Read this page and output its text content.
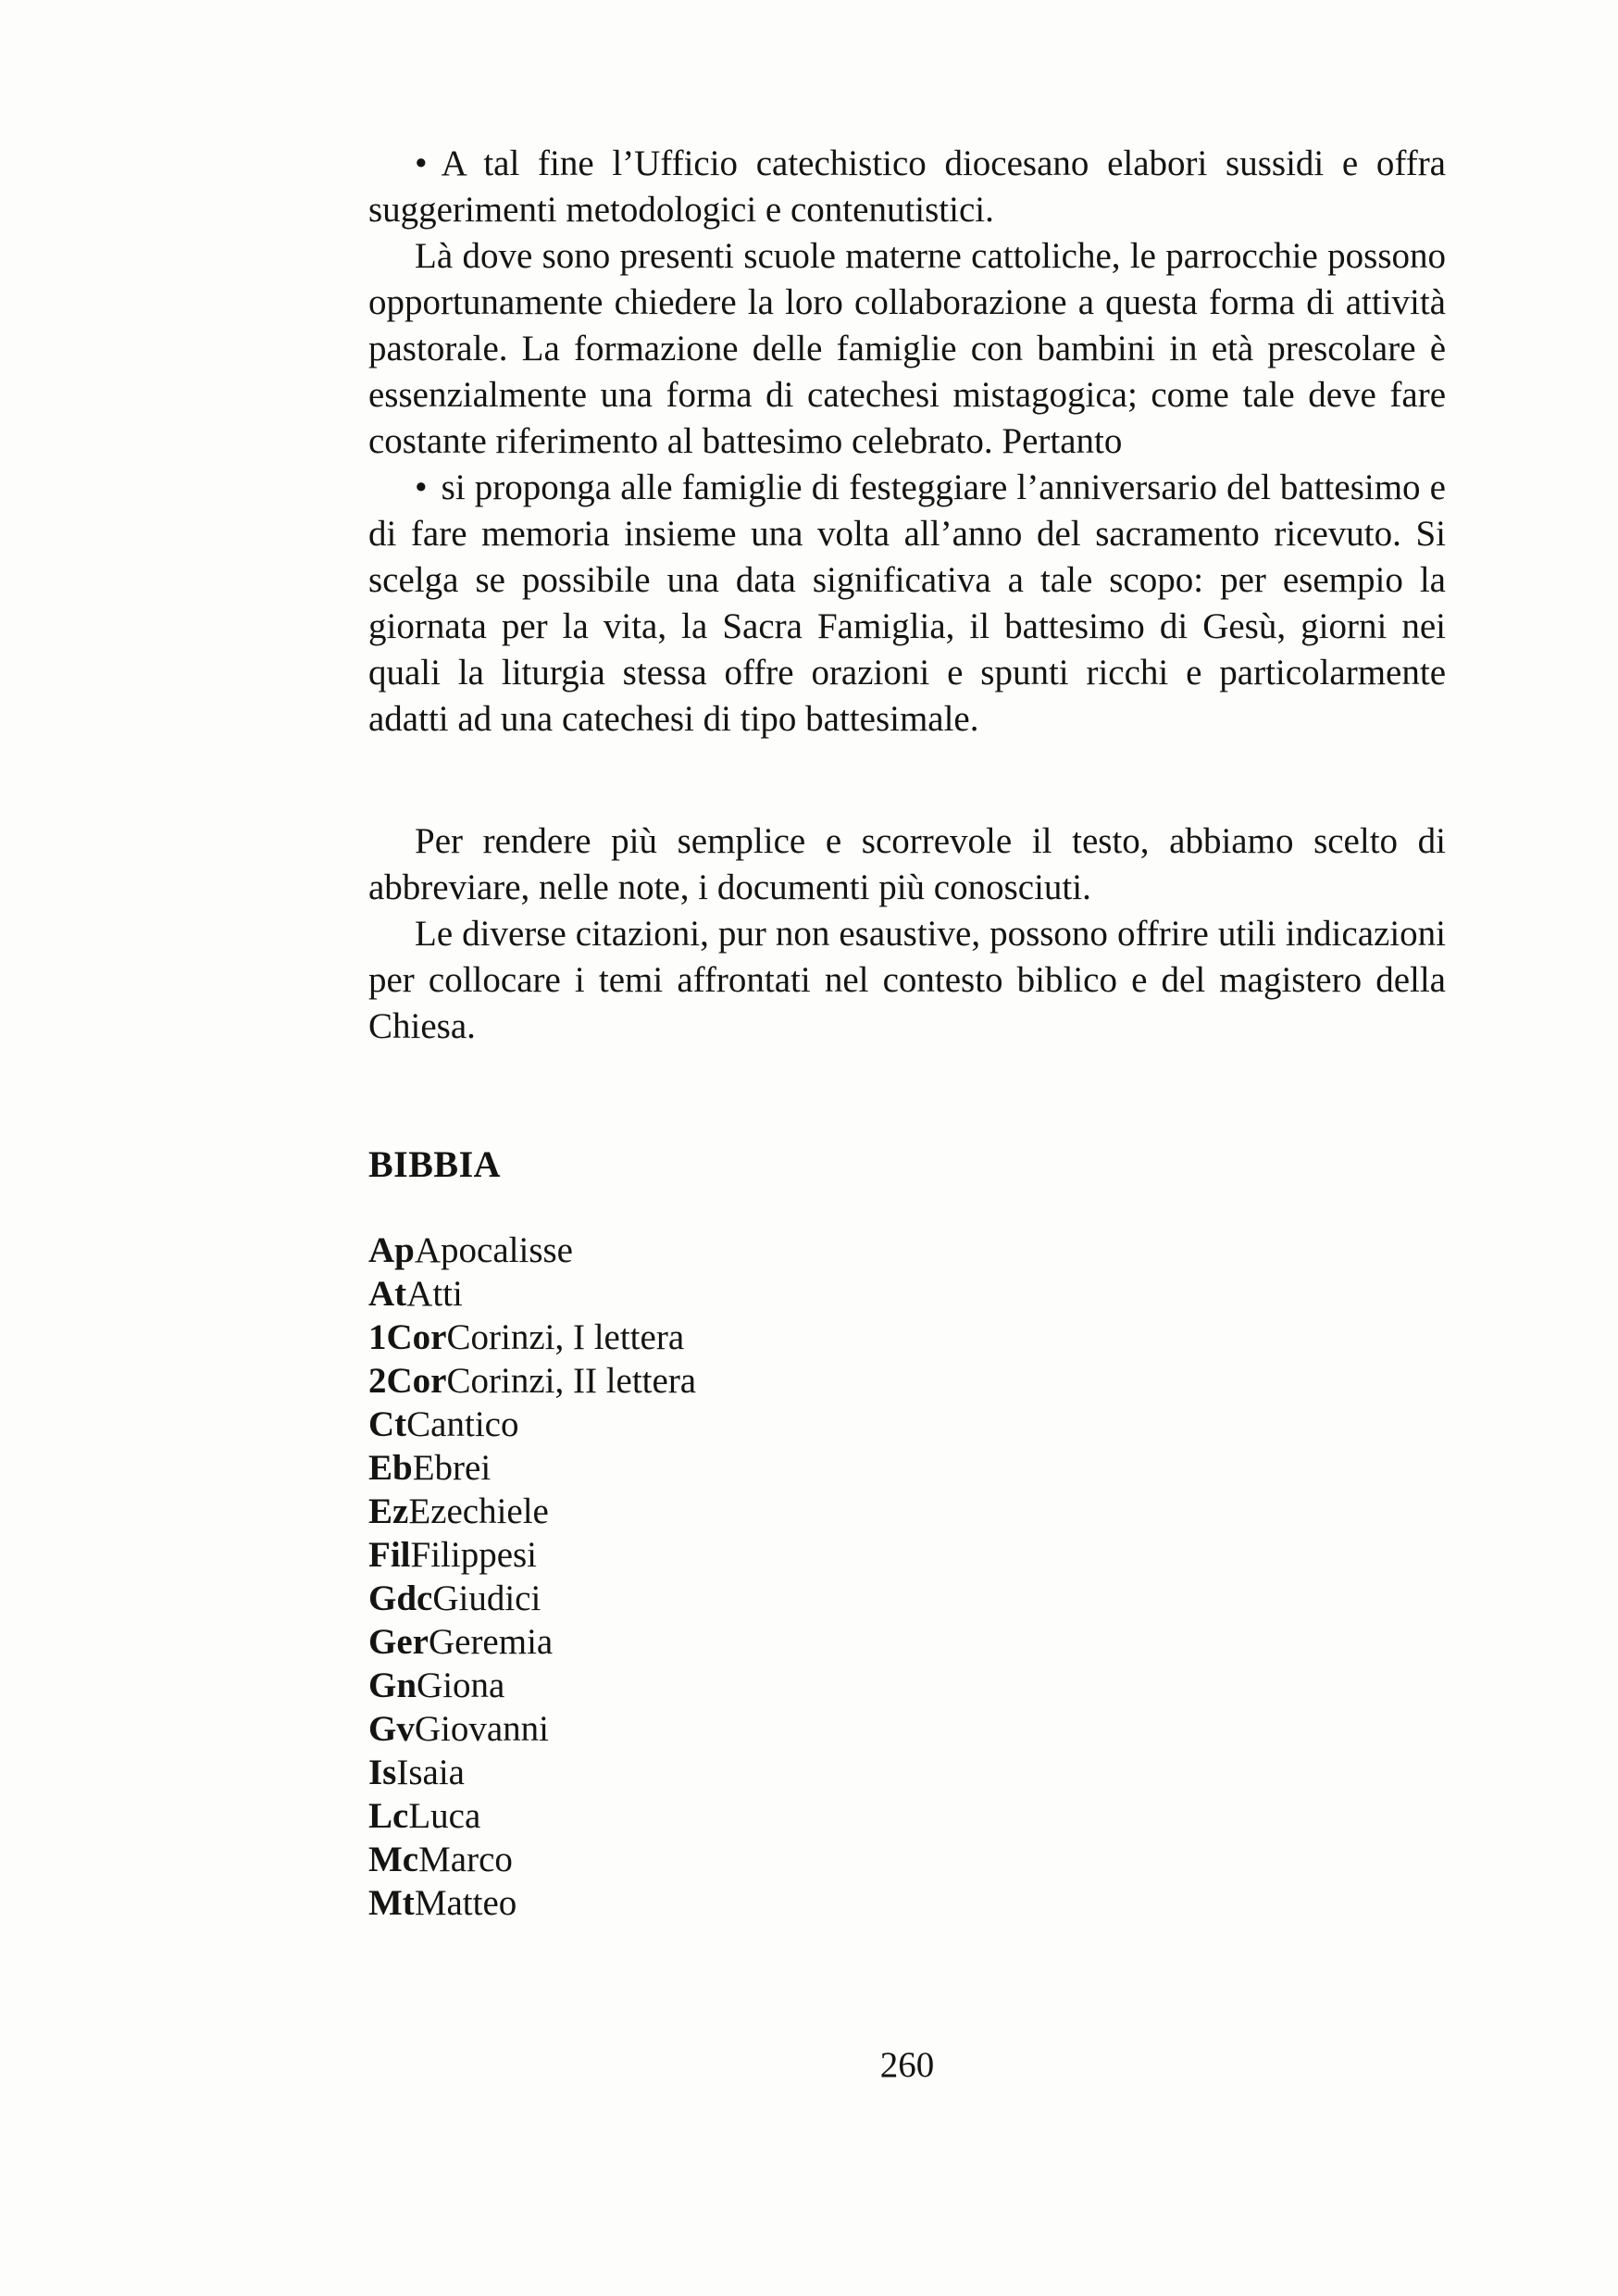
• A tal fine l’Ufficio catechistico diocesano elabori sussidi e offra suggerimenti metodologici e contenutistici.

Là dove sono presenti scuole materne cattoliche, le parrocchie possono opportunamente chiedere la loro collaborazione a questa forma di attività pastorale. La formazione delle famiglie con bambini in età prescolare è essenzialmente una forma di catechesi mistagogica; come tale deve fare costante riferimento al battesimo celebrato. Pertanto

• si proponga alle famiglie di festeggiare l’anniversario del battesimo e di fare memoria insieme una volta all’anno del sacramento ricevuto. Si scelga se possibile una data significativa a tale scopo: per esempio la giornata per la vita, la Sacra Famiglia, il battesimo di Gesù, giorni nei quali la liturgia stessa offre orazioni e spunti ricchi e particolarmente adatti ad una catechesi di tipo battesimale.

Per rendere più semplice e scorrevole il testo, abbiamo scelto di abbreviare, nelle note, i documenti più conosciuti.

Le diverse citazioni, pur non esaustive, possono offrire utili indicazioni per collocare i temi affrontati nel contesto biblico e del magistero della Chiesa.

BIBBIA
ApApocalisse
AtAtti
1CorCorinzi, I lettera
2CorCorinzi, II lettera
CtCantico
EbEbrei
EzEzechiele
FilFilippesi
GdcGiudici
GerGeremia
GnGiona
GvGiovanni
IsIsaia
LcLuca
McMarco
MtMatteo
260
